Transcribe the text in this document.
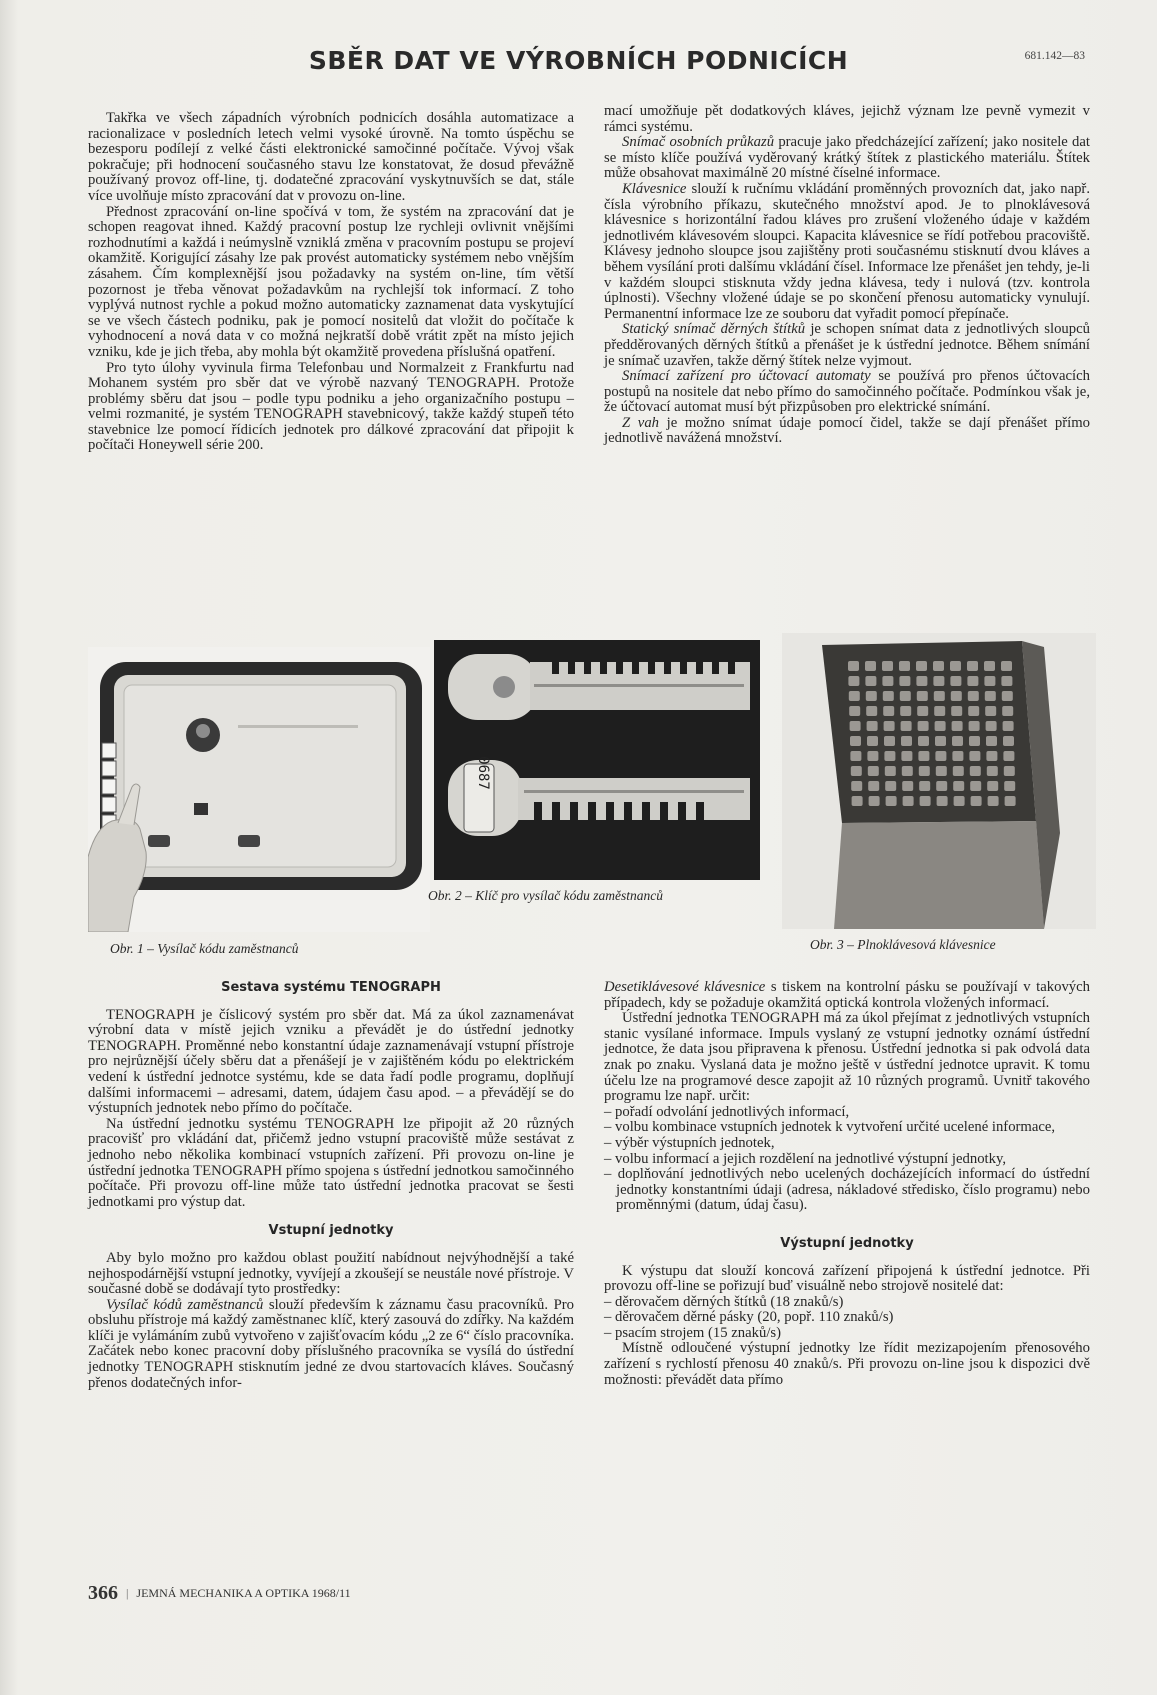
SBĚR DAT VE VÝROBNÍCH PODNICÍCH	681.142—83

Takřka ve všech západních výrobních podnicích dosáhla automatizace a racionalizace v posledních letech velmi vysoké úrovně. Na tomto úspěchu se bezesporu podílejí z velké části elektronické samočinné počítače. Vývoj však pokračuje; při hodnocení současného stavu lze konstatovat, že dosud převážně používaný provoz off-line, tj. dodatečné zpracování vyskytnuvších se dat, stále více uvolňuje místo zpracování dat v provozu on-line.

Přednost zpracování on-line spočívá v tom, že systém na zpracování dat je schopen reagovat ihned. Každý pracovní postup lze rychleji ovlivnit vnějšími rozhodnutími a každá i neúmyslně vzniklá změna v pracovním postupu se projeví okamžitě. Korigující zásahy lze pak provést automaticky systémem nebo vnějším zásahem. Čím komplexnější jsou požadavky na systém on-line, tím větší pozornost je třeba věnovat požadavkům na rychlejší tok informací. Z toho vyplývá nutnost rychle a pokud možno automaticky zaznamenat data vyskytující se ve všech částech podniku, pak je pomocí nositelů dat vložit do počítače k vyhodnocení a nová data v co možná nejkratší době vrátit zpět na místo jejich vzniku, kde je jich třeba, aby mohla být okamžitě provedena příslušná opatření.

Pro tyto úlohy vyvinula firma Telefonbau und Normalzeit z Frankfurtu nad Mohanem systém pro sběr dat ve výrobě nazvaný TENOGRAPH. Protože problémy sběru dat jsou – podle typu podniku a jeho organizačního postupu – velmi rozmanité, je systém TENOGRAPH stavebnicový, takže každý stupeň této stavebnice lze pomocí řídicích jednotek pro dálkové zpracování dat připojit k počítači Honeywell série 200.

mací umožňuje pět dodatkových kláves, jejichž význam lze pevně vymezit v rámci systému.

Snímač osobních průkazů pracuje jako předcházející zařízení; jako nositele dat se místo klíče používá vyděrovaný krátký štítek z plastického materiálu. Štítek může obsahovat maximálně 20 místné číselné informace.

Klávesnice slouží k ručnímu vkládání proměnných provozních dat, jako např. čísla výrobního příkazu, skutečného množství apod. Je to plnoklávesová klávesnice s horizontální řadou kláves pro zrušení vloženého údaje v každém jednotlivém klávesovém sloupci. Kapacita klávesnice se řídí potřebou pracoviště. Klávesy jednoho sloupce jsou zajištěny proti současnému stisknutí dvou kláves a během vysílání proti dalšímu vkládání čísel. Informace lze přenášet jen tehdy, je-li v každém sloupci stisknuta vždy jedna klávesa, tedy i nulová (tzv. kontrola úplnosti). Všechny vložené údaje se po skončení přenosu automaticky vynulují. Permanentní informace lze ze souboru dat vyřadit pomocí přepínače.

Statický snímač děrných štítků je schopen snímat data z jednotlivých sloupců předděrovaných děrných štítků a přenášet je k ústřední jednotce. Během snímání je snímač uzavřen, takže děrný štítek nelze vyjmout.

Snímací zařízení pro účtovací automaty se používá pro přenos účtovacích postupů na nositele dat nebo přímo do samočinného počítače. Podmínkou však je, že účtovací automat musí být přizpůsoben pro elektrické snímání.

Z vah je možno snímat údaje pomocí čidel, takže se dají přenášet přímo jednotlivě navážená množství.

0687
Obr. 1 – Vysílač kódu zaměstnanců
Obr. 2 – Klíč pro vysílač kódu zaměstnanců
Obr. 3 – Plnoklávesová klávesnice
Sestava systému TENOGRAPH

TENOGRAPH je číslicový systém pro sběr dat. Má za úkol zaznamenávat výrobní data v místě jejich vzniku a převádět je do ústřední jednotky TENOGRAPH. Proměnné nebo konstantní údaje zaznamenávají vstupní přístroje pro nejrůznější účely sběru dat a přenášejí je v zajištěném kódu po elektrickém vedení k ústřední jednotce systému, kde se data řadí podle programu, doplňují dalšími informacemi – adresami, datem, údajem času apod. – a převádějí se do výstupních jednotek nebo přímo do počítače.

Na ústřední jednotku systému TENOGRAPH lze připojit až 20 různých pracovišť pro vkládání dat, přičemž jedno vstupní pracoviště může sestávat z jednoho nebo několika kombinací vstupních zařízení. Při provozu on-line je ústřední jednotka TENOGRAPH přímo spojena s ústřední jednotkou samočinného počítače. Při provozu off-line může tato ústřední jednotka pracovat se šesti jednotkami pro výstup dat.

Vstupní jednotky

Aby bylo možno pro každou oblast použití nabídnout nejvýhodnější a také nejhospodárnější vstupní jednotky, vyvíjejí a zkoušejí se neustále nové přístroje. V současné době se dodávají tyto prostředky:

Vysílač kódů zaměstnanců slouží především k záznamu času pracovníků. Pro obsluhu přístroje má každý zaměstnanec klíč, který zasouvá do zdířky. Na každém klíči je vylámáním zubů vytvořeno v zajišťovacím kódu „2 ze 6“ číslo pracovníka. Začátek nebo konec pracovní doby příslušného pracovníka se vysílá do ústřední jednotky TENOGRAPH stisknutím jedné ze dvou startovacích kláves. Současný přenos dodatečných infor-

Desetiklávesové klávesnice s tiskem na kontrolní pásku se používají v takových případech, kdy se požaduje okamžitá optická kontrola vložených informací.

Ústřední jednotka TENOGRAPH má za úkol přejímat z jednotlivých vstupních stanic vysílané informace. Impuls vyslaný ze vstupní jednotky oznámí ústřední jednotce, že data jsou připravena k přenosu. Ústřední jednotka si pak odvolá data znak po znaku. Vyslaná data je možno ještě v ústřední jednotce upravit. K tomu účelu lze na programové desce zapojit až 10 různých programů. Uvnitř takového programu lze např. určit:

– pořadí odvolání jednotlivých informací,
– volbu kombinace vstupních jednotek k vytvoření určité ucelené informace,
– výběr výstupních jednotek,
– volbu informací a jejich rozdělení na jednotlivé výstupní jednotky,
– doplňování jednotlivých nebo ucelených docházejících informací do ústřední jednotky konstantními údaji (adresa, nákladové středisko, číslo programu) nebo proměnnými (datum, údaj času).
Výstupní jednotky

K výstupu dat slouží koncová zařízení připojená k ústřední jednotce. Při provozu off-line se pořizují buď visuálně nebo strojově nositelé dat:

– děrovačem děrných štítků (18 znaků/s)
– děrovačem děrné pásky (20, popř. 110 znaků/s)
– psacím strojem (15 znaků/s)

Místně odloučené výstupní jednotky lze řídit mezizapojením přenosového zařízení s rychlostí přenosu 40 znaků/s. Při provozu on-line jsou k dispozici dvě možnosti: převádět data přímo

366 | JEMNÁ MECHANIKA A OPTIKA 1968/11
